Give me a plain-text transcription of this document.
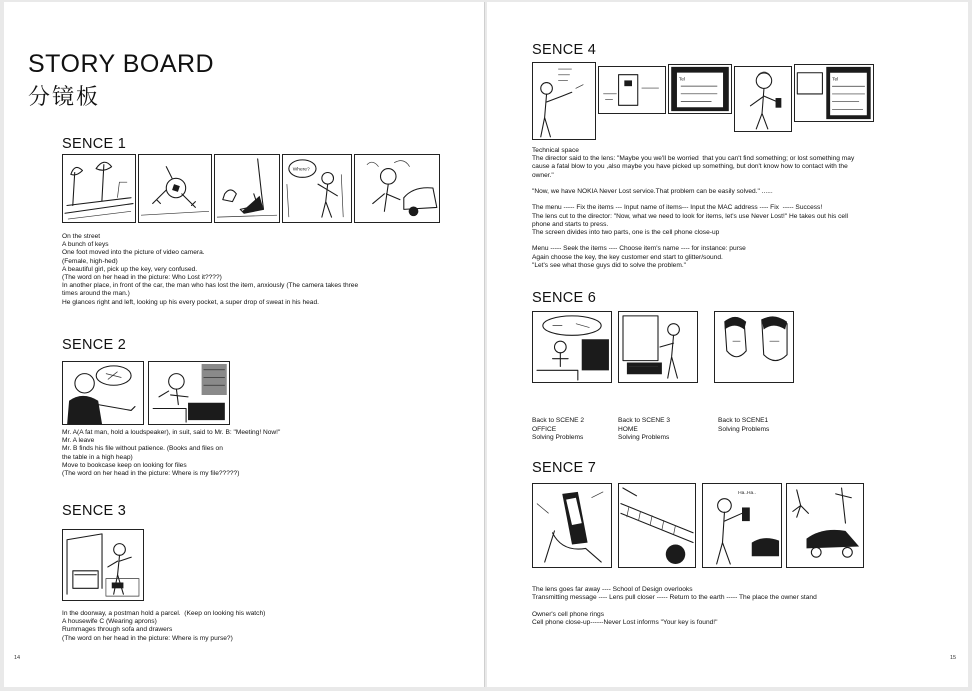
STORY BOARD
分镜板
SENCE 1
Where?
On the street
A bunch of keys
One foot moved into the picture of video camera.
(Female, high-hed)
A beautiful girl, pick up the key, very confused.
(The word on her head in the picture: Who Lost it????)
In another place, in front of the car, the man who has lost the item, anxiously (The camera takes three
times around the man.)
He glances right and left, looking up his every pocket, a super drop of sweat in his head.
SENCE 2
Mr. A(A fat man, hold a loudspeaker), in suit, said to Mr. B: "Meeting! Now!"
Mr. A leave
Mr. B finds his file without patience. (Books and files on
the table in a high heap)
Move to bookcase keep on looking for files
(The word on her head in the picture: Where is my file?????)
SENCE 3
In the doorway, a postman hold a parcel.  (Keep on looking his watch)
A housewife C (Wearing aprons)
Rummages through sofa and drawers
(The word on her head in the picture: Where is my purse?)
14
SENCE 4
Tel	Tel
Technical space
The director said to the lens: "Maybe you we'll be worried  that you can't find something; or lost something may
cause a fatal blow to you ,also maybe you have picked up something, but don't know how to contact with the
owner."

"Now, we have NOKIA Never Lost service.That problem can be easily solved." ......

The menu ----- Fix the items --- Input name of items--- Input the MAC address ---- Fix  ----- Success!
The lens cut to the director: "Now, what we need to look for items, let's use Never Lost!" He takes out his cell
phone and starts to press.
The screen divides into two parts, one is the cell phone close-up

Menu ----- Seek the items ---- Choose item's name ---- for instance: purse
Again choose the key, the key customer end start to glitter/sound.
"Let's see what those guys did to solve the problem."
SENCE 6
Back to SCENE 2
OFFICE
Solving Problems
Back to SCENE 3
HOME
Solving Problems
Back to SCENE1
Solving Problems
SENCE 7
Ha..Ha..
The lens goes far away ---- School of Design overlooks
Transmitting message ---- Lens pull closer ----- Return to the earth ----- The place the owner stand

Owner's cell phone rings
Cell phone close-up------Never Lost informs "Your key is found!"
15
